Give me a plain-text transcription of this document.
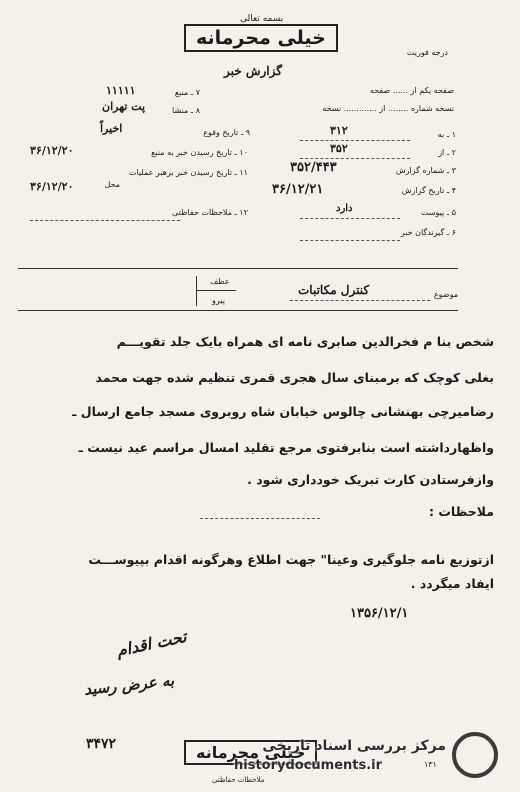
خیلی محرمانه
بسمه تعالی
گزارش خبر
درجه فوریت
صفحه یکم از ...... صفحه
نسخه شماره ........ از ............. نسخه
۱ ـ به
۳۱۲
۲ ـ از
۳۵۲
۳ ـ شماره گزارش
۳۵۲/۴۴۳
۴ ـ تاریخ گزارش
۳۶/۱۲/۲۱
۵ ـ پیوست
دارد
۶ ـ گیرندگان خبر
۷ ـ منبع
۱۱۱۱۱
۸ ـ منشا
پت تهران
۹ ـ تاریخ وقوع
اخیراً
۱۰ ـ تاریخ رسیدن خبر به منبع
۳۶/۱۲/۲۰
۱۱ ـ تاریخ رسیدن خبر برهبر عملیات
محل
۳۶/۱۲/۲۰
۱۲ ـ ملاحظات حفاظتی
موضوع
کنترل مکاتبات
عطف
پیرو
شخص بنا م فخرالدین صابری نامه ای همراه بایک جلد تقویـــم
بغلی کوچک که برمبنای سال هجری قمری تنظیم شده جهت محمد
رضامیرچی بهنشانی چالوس خیابان شاه روبروی مسجد جامع ارسال ـ
واظهارداشته است بنابرفتوی مرجع تقلید امسال مراسم عید نیست ـ
وازفرستادن کارت تبریک خودداری شود .
ملاحظات :
ازتوزیع نامه جلوگیری وعینا" جهت اطلاع وهرگونه اقدام بپیوســـت
ایفاد میگردد .
۱۳۵۶/۱۲/۱
تحت اقدام
به عرض رسید
۳۴۷۲	خیلی محرمانه
ملاحظات حفاظتی
۱۳۱
مرکز بررسی اسناد تاریخی
historydocuments.ir
